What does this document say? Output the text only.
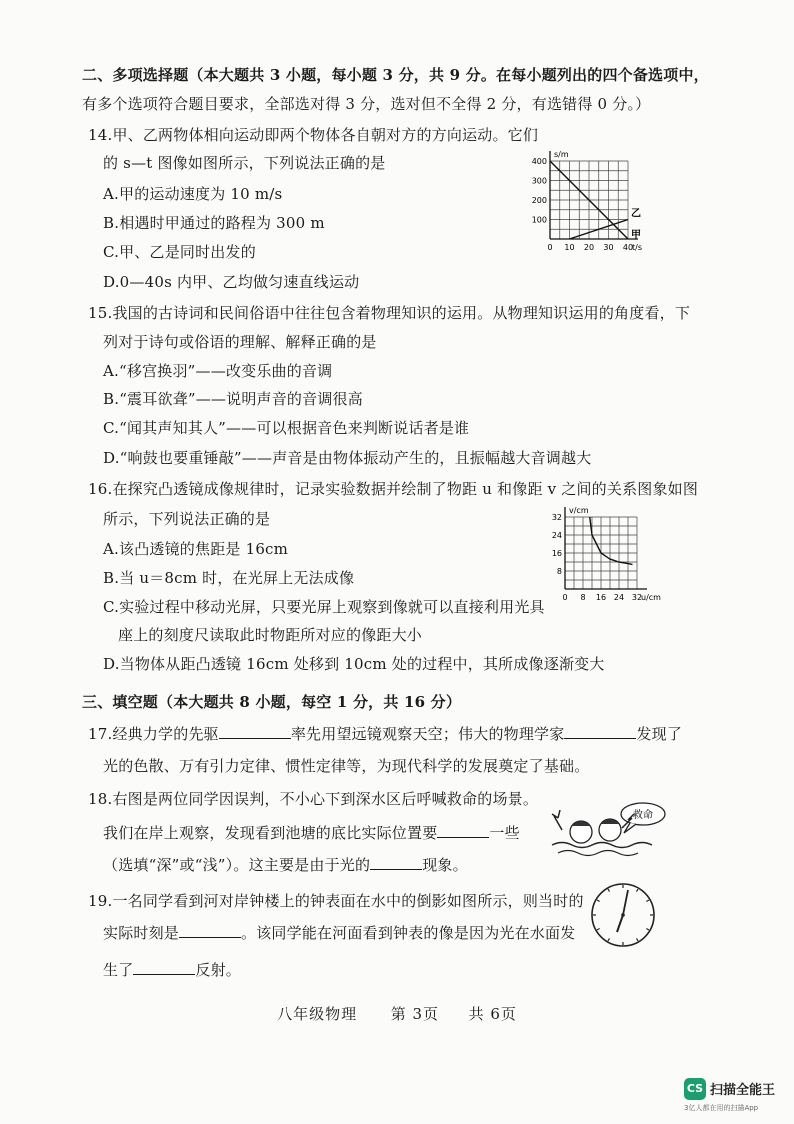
二、多项选择题（本大题共 3 小题，每小题 3 分，共 9 分。在每小题列出的四个备选项中，
有多个选项符合题目要求，全部选对得 3 分，选对但不全得 2 分，有选错得 0 分。）
14.甲、乙两物体相向运动即两个物体各自朝对方的方向运动。它们
的 s—t 图像如图所示，下列说法正确的是
A.甲的运动速度为 10 m/s
B.相遇时甲通过的路程为 300 m
C.甲、乙是同时出发的
D.0—40s 内甲、乙均做匀速直线运动
0 10 20 30 40
100
200
300
400
s/m
t/s
甲
乙
15.我国的古诗词和民间俗语中往往包含着物理知识的运用。从物理知识运用的角度看，下
列对于诗句或俗语的理解、解释正确的是
A.“移宫换羽”——改变乐曲的音调
B.“震耳欲聋”——说明声音的音调很高
C.“闻其声知其人”——可以根据音色来判断说话者是谁
D.“响鼓也要重锤敲”——声音是由物体振动产生的，且振幅越大音调越大
16.在探究凸透镜成像规律时，记录实验数据并绘制了物距 u 和像距 v 之间的关系图象如图
所示，下列说法正确的是
A.该凸透镜的焦距是 16cm
B.当 u＝8cm 时，在光屏上无法成像
C.实验过程中移动光屏，只要光屏上观察到像就可以直接利用光具
座上的刻度尺读取此时物距所对应的像距大小
D.当物体从距凸透镜 16cm 处移到 10cm 处的过程中，其所成像逐渐变大
0 8 16 24 32
8
16
24
32
v/cm
u/cm
三、填空题（本大题共 8 小题，每空 1 分，共 16 分）
17.经典力学的先驱	率先用望远镜观察天空；伟大的物理学家	发现了
光的色散、万有引力定律、惯性定律等，为现代科学的发展奠定了基础。
18.右图是两位同学因误判，不小心下到深水区后呼喊救命的场景。
我们在岸上观察，发现看到池塘的底比实际位置要	一些
（选填“深”或“浅”）。这主要是由于光的	现象。
救命
19.一名同学看到河对岸钟楼上的钟表面在水中的倒影如图所示，则当时的
实际时刻是	。该同学能在河面看到钟表的像是因为光在水面发
生了	反射。
八年级物理 第 3页 共 6页
CS 扫描全能王
3亿人都在用的扫描App
